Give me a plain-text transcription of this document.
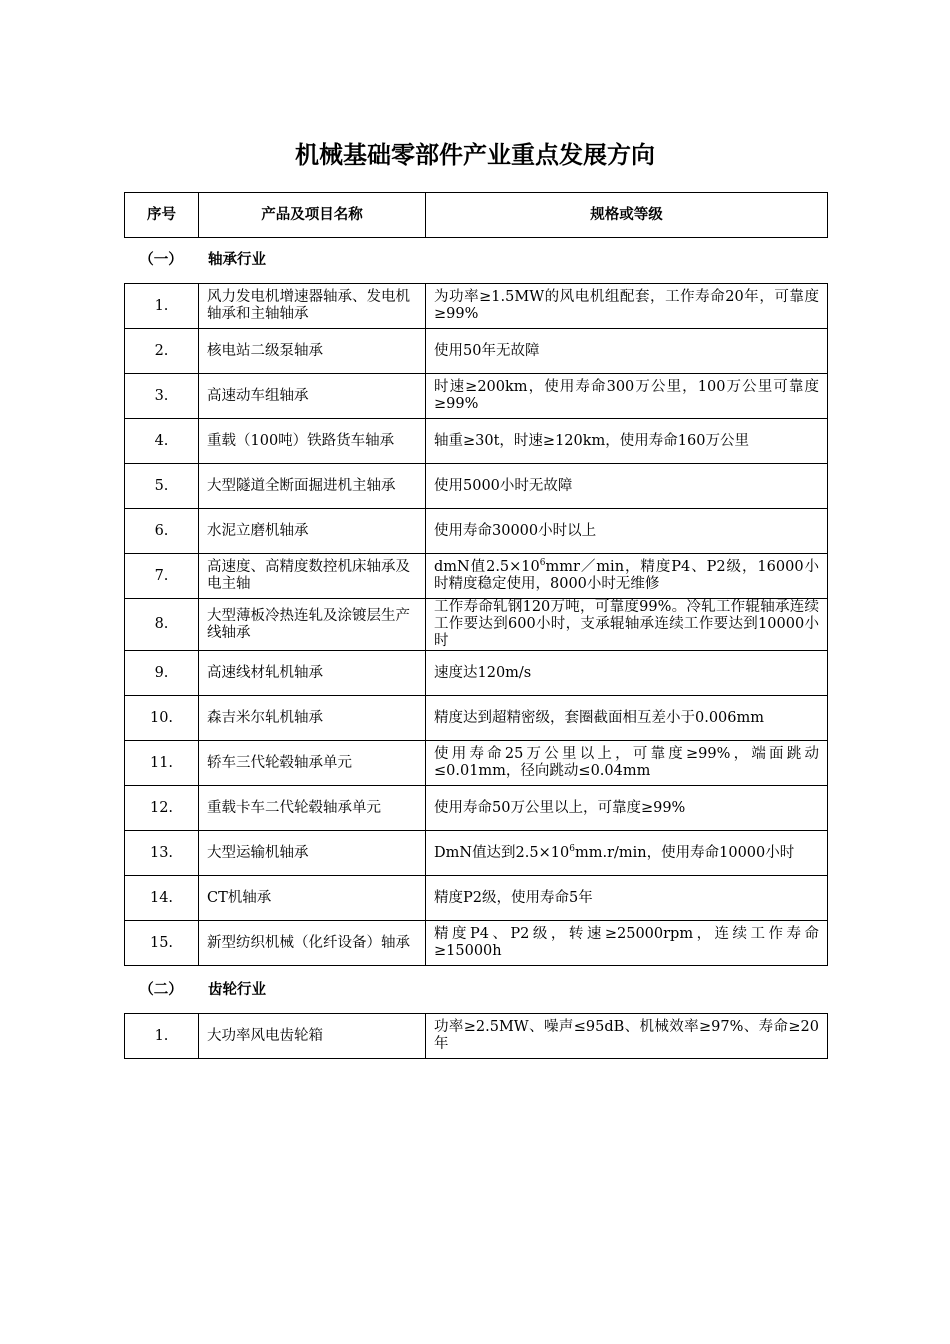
机械基础零部件产业重点发展方向
序号	产品及项目名称	规格或等级
（一） 轴承行业
1.	风力发电机增速器轴承、发电机轴承和主轴轴承	为功率≥1.5MW的风电机组配套，工作寿命20年，可靠度≥99%
2.	核电站二级泵轴承	使用50年无故障
3.	高速动车组轴承	时速≥200km，使用寿命300万公里，100万公里可靠度≥99%
4.	重载（100吨）铁路货车轴承	轴重≥30t，时速≥120km，使用寿命160万公里
5.	大型隧道全断面掘进机主轴承	使用5000小时无故障
6.	水泥立磨机轴承	使用寿命30000小时以上
7.	高速度、高精度数控机床轴承及电主轴	dmN值$2.5\times 10^6mmr/\min$，精度P4、P2级，16000小时精度稳定使用，8000小时无维修
8.	大型薄板冷热连轧及涂镀层生产线轴承	工作寿命轧钢120万吨，可靠度99%。冷轧工作辊轴承连续工作要达到600小时，支承辊轴承连续工作要达到10000小时
9.	高速线材轧机轴承	速度达120m/s
10.	森吉米尔轧机轴承	精度达到超精密级，套圈截面相互差小于0.006mm
11.	轿车三代轮毂轴承单元	使用寿命25万公里以上，可靠度≥99%，端面跳动≤0.01mm，径向跳动≤0.04mm
12.	重载卡车二代轮毂轴承单元	使用寿命50万公里以上，可靠度≥99%
13.	大型运输机轴承	DmN值达到$2.5\times 10^6mm.r/\min$，使用寿命10000小时
14.	CT机轴承	精度P2级，使用寿命5年
15.	新型纺织机械（化纤设备）轴承	精度P4、P2级，转速≥25000rpm，连续工作寿命≥15000h
（二） 齿轮行业
1.	大功率风电齿轮箱	功率≥2.5MW、噪声≤95dB、机械效率≥97%、寿命≥20年
